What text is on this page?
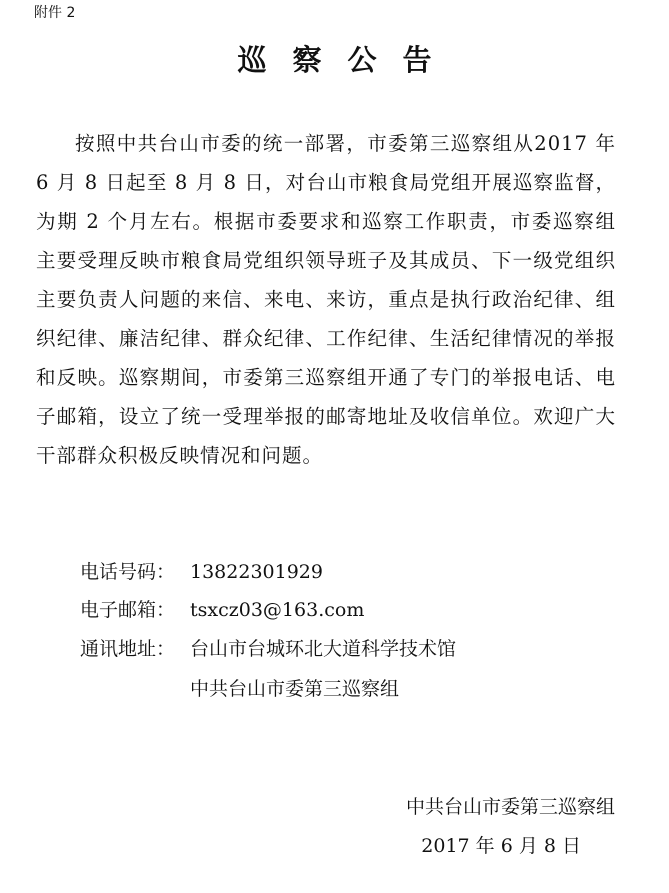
附件 2
巡察公告

按照中共台山市委的统一部署，市委第三巡察组从2017 年 6 月 8 日起至 8 月 8 日，对台山市粮食局党组开展巡察监督，为期 2 个月左右。根据市委要求和巡察工作职责，市委巡察组主要受理反映市粮食局党组织领导班子及其成员、下一级党组织主要负责人问题的来信、来电、来访，重点是执行政治纪律、组织纪律、廉洁纪律、群众纪律、工作纪律、生活纪律情况的举报和反映。巡察期间，市委第三巡察组开通了专门的举报电话、电子邮箱，设立了统一受理举报的邮寄地址及收信单位。欢迎广大干部群众积极反映情况和问题。

电话号码： 13822301929
电子邮箱： tsxcz03@163.com
通讯地址： 台山市台城环北大道科学技术馆
中共台山市委第三巡察组
中共台山市委第三巡察组
2017 年 6 月 8 日
